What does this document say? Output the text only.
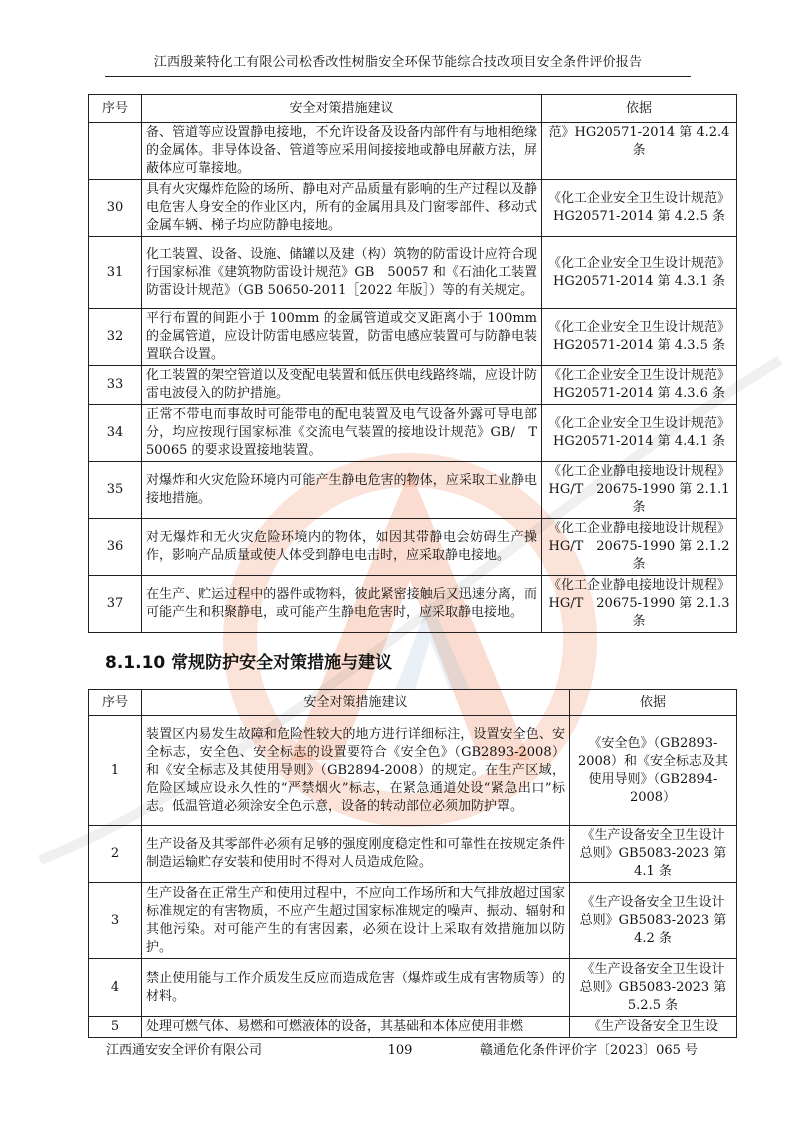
江西殷莱特化工有限公司松香改性树脂安全环保节能综合技改项目安全条件评价报告
序号	安全对策措施建议	依据
	备、管道等应设置静电接地，不允许设备及设备内部件有与地相绝缘的金属体。非导体设备、管道等应采用间接接地或静电屏蔽方法，屏蔽体应可靠接地。	范》HG20571-2014 第 4.2.4 条
30	具有火灾爆炸危险的场所、静电对产品质量有影响的生产过程以及静电危害人身安全的作业区内，所有的金属用具及门窗零部件、移动式金属车辆、梯子均应防静电接地。	《化工企业安全卫生设计规范》HG20571-2014 第 4.2.5 条
31	化工装置、设备、设施、储罐以及建（构）筑物的防雷设计应符合现行国家标准《建筑物防雷设计规范》GB　50057 和《石油化工装置防雷设计规范》（GB 50650-2011［2022 年版］）等的有关规定。	《化工企业安全卫生设计规范》HG20571-2014 第 4.3.1 条
32	平行布置的间距小于 100mm 的金属管道或交叉距离小于 100mm 的金属管道，应设计防雷电感应装置，防雷电感应装置可与防静电装置联合设置。	《化工企业安全卫生设计规范》HG20571-2014 第 4.3.5 条
33	化工装置的架空管道以及变配电装置和低压供电线路终端，应设计防雷电波侵入的防护措施。	《化工企业安全卫生设计规范》HG20571-2014 第 4.3.6 条
34	正常不带电而事故时可能带电的配电装置及电气设备外露可导电部分，均应按现行国家标准《交流电气装置的接地设计规范》GB/　T　50065 的要求设置接地装置。	《化工企业安全卫生设计规范》HG20571-2014 第 4.4.1 条
35	对爆炸和火灾危险环境内可能产生静电危害的物体，应采取工业静电接地措施。	《化工企业静电接地设计规程》HG/T　20675-1990 第 2.1.1 条
36	对无爆炸和无火灾危险环境内的物体，如因其带静电会妨碍生产操作，影响产品质量或使人体受到静电电击时，应采取静电接地。	《化工企业静电接地设计规程》HG/T　20675-1990 第 2.1.2 条
37	在生产、贮运过程中的器件或物料，彼此紧密接触后又迅速分离，而可能产生和积聚静电，或可能产生静电危害时，应采取静电接地。	《化工企业静电接地设计规程》HG/T　20675-1990 第 2.1.3 条
8.1.10 常规防护安全对策措施与建议
序号	安全对策措施建议	依据
1	装置区内易发生故障和危险性较大的地方进行详细标注，设置安全色、安全标志，安全色、安全标志的设置要符合《安全色》（GB2893-2008）和《安全标志及其使用导则》（GB2894-2008）的规定。在生产区域，危险区域应设永久性的“严禁烟火”标志，在紧急通道处设“紧急出口”标志。低温管道必须涂安全色示意，设备的转动部位必须加防护罩。	《安全色》（GB2893-2008）和《安全标志及其使用导则》（GB2894-2008）
2	生产设备及其零部件必须有足够的强度刚度稳定性和可靠性在按规定条件制造运输贮存安装和使用时不得对人员造成危险。	《生产设备安全卫生设计总则》GB5083-2023 第 4.1 条
3	生产设备在正常生产和使用过程中，不应向工作场所和大气排放超过国家标准规定的有害物质，不应产生超过国家标准规定的噪声、振动、辐射和其他污染。对可能产生的有害因素，必须在设计上采取有效措施加以防护。	《生产设备安全卫生设计总则》GB5083-2023 第 4.2 条
4	禁止使用能与工作介质发生反应而造成危害（爆炸或生成有害物质等）的材料。	《生产设备安全卫生设计总则》GB5083-2023 第 5.2.5 条
5	处理可燃气体、易燃和可燃液体的设备，其基础和本体应使用非燃	《生产设备安全卫生设
江西通安安全评价有限公司	109	赣通危化条件评价字〔2023〕065 号
